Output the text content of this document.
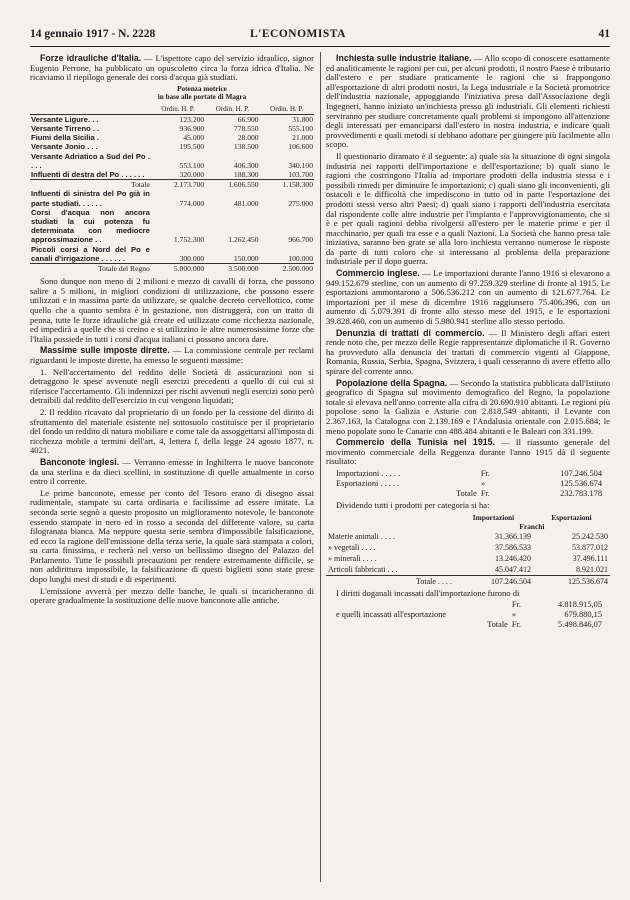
14 gennaio 1917 - N. 2228	L'ECONOMISTA	41

Forze idrauliche d'Italia. — L'ispettore capo del servizio idraulico, signor Eugenio Perrone, ha pubblicato un opuscoletto circa la forza idrica d'Italia. Ne ricaviamo il riepilogo generale dei corsi d'acqua già studiati.

Potenza motrice
in base alle portate di Magra
	Ordin. H. P.	Ordin. H. P.	Ordin. H. P.
Versante Ligure. . .	123.200	66.900	31.800
Versante Tirreno . .	936.900	778.550	555.100
Fiumi della Sicilia .	45.000	28.000	21.000
Versante Jonio . . .	195.500	138.500	106.600
Versante Adriatico a Sud del Po . . . .	553.100	406.300	340.100
Influenti di destra del Po . . . . . .	320.000	188.300	103.700
Totale	2.173.700	1.606.550	1.158.300
Influenti di sinistra del Po già in parte studiati. . . . . .	774.000	481.000	275.000
Corsi d'acqua non ancora studiati la cui potenza fu determinata con mediocre approssimazione . .	1.752.300	1.262.450	966.700
Piccoli corsi a Nord del Po e canali d'irrigazione . . . . . .	300.000	150.000	100.000
Totale del Regno	5.000.000	3.500.000	2.500.000

Sono dunque non meno di 2 milioni e mezzo di cavalli di forza, che possono salire a 5 milioni, in migliori condizioni di utilizzazione, che possono essere utilizzati e in massima parte da utilizzare, se qualche decreto cervellottico, come quello che a quanto sembra è in gestazione, non distruggerà, con un tratto di penna, tutte le forze idrauliche già create ed utilizzate come ricchezza nazionale, ed impedirà a quelle che si creino e si utilizzino le altre numerosissime forze che l'Italia possiede in tutti i corsi d'acqua italiani ci possono ancora dare.

Massime sulle imposte dirette. — La commissione centrale per reclami riguardanti le imposte dirette, ha emesso le seguenti massime:

1. Nell'accertamento del reddito delle Società di assicurazioni non si detraggono le spese avvenute negli esercizi precedenti a quello di cui cui si riferisce l'accertamento. Gli indennizzi per rischi avvenuti negli esercizi sono però detraibili dal reddito dell'esercizio in cui vengono liquidati;

2. Il reddito ricavato dal proprietario di un fondo per la cessione del diritto di sfruttamento del materiale esistente nel sottosuolo costituisce per il proprietario del fondo un reddito di natura mobiliare e come tale da assoggettarsi all'imposta di ricchezza mobile a termini dell'art. 4, lettera f, della legge 24 agosto 1877, n. 4021.

Banconote inglesi. — Verranno emesse in Inghilterra le nuove banconote da una sterlina e da dieci scellini, in sostituzione di quelle attualmente in corso entro il corrente.

Le prime banconote, emesse per conto del Tesoro erano di disegno assai rudimentale, stampate su carta ordinaria e facilissime ad essere imitate. La seconda serie segnò a questo proposito un miglioramento notevole, le banconote essendo stampate in nero ed in rosso a seconda del differente valore, su carta filogranata bianca. Ma neppure questa serie sembra d'impossibile falsificazione, ed ecco la ragione dell'emissione della terza serie, la quale sarà stampata a colori, su carta finissima, e recherà nel verso un bellissimo disegno del Palazzo del Parlamento. Tutte le possibili precauzioni per rendere estremamente difficile, se non addirittura impossibile, la falsificazione di questi biglietti sono state prese dopo lunghi mesi di studi e di esperimenti.

L'emissione avverrà per mezzo delle banche, le quali si incaricheranno di operare gradualmente la sostituzione delle nuove banconote alle antiche.

Inchiesta sulle industrie italiane. — Allo scopo di conoscere esattamente ed analiticamente le ragioni per cui, per alcuni prodotti, il nostro Paese è tributario dall'estero e per studiare praticamente le ragioni che si frappongono all'esportazione di altri prodotti nostri, la Lega industriale e la Società promotrice dell'industria nazionale, appoggiando l'iniziativa presa dall'Associazione degli Ingegneri, hanno iniziato un'inchiesta presso gli industriali. Gli elementi richiesti serviranno per studiare concretamente quali problemi si impongono all'attenzione degli interessati per emanciparsi dall'estero in nostra industria, e indicare quali provvedimenti e quali metodi si debbano adottare per giungere più facilmente allo scopo.

Il questionario diramato è il seguente: a) quale sia la situazione di ogni singola industria nei rapporti dell'importazione e dell'esportazione; b) quali siano le ragioni che costringono l'Italia ad importare prodotti della industria stessa e i possibili rimedi per diminuire le importazioni; c) quali siano gli inconvenienti, gli ostacoli e le difficoltà che impediscono in tutto od in parte l'esportazione dei prodotti stessi verso altri Paesi; d) quali siano i rapporti dell'industria esercitata dal rispondente colle altre industrie per l'impianto e l'approvvigionamento, che si è e per quali ragioni debba rivolgersi all'estero per le materie prime e per il macchinario, per quali tra esse e a quali Nazioni. La Società che hanno presa tale iniziativa, saranno ben grate se alla loro inchiesta verranno numerose le risposte da parte di tutti coloro che si interessano al problema della preparazione industriale per il dopo guerra.

Commercio inglese. — Le importazioni durante l'anno 1916 si elevarono a 949.152.679 sterline, con un aumento di 97.259.329 sterline di fronte al 1915. Le esportazioni ammontarono a 506.536.212 con un aumento di 121.677.764. Le importazioni per il mese di dicembre 1916 raggiunsero 75.406.396, con un aumento di 5.079.391 di fronte allo stesso mese del 1915, e le esportazioni 39.828.460, con un aumento di 5.980.941 sterline allo stesso periodo.

Denunzia di trattati di commercio. — Il Ministero degli affari esteri rende noto che, per mezzo delle Regie rappresentanze diplomatiche il R. Governo ha provveduto alla denuncia dei trattati di commercio vigenti al Giappone, Romania, Russia, Serbia, Spagna, Svizzera, i quali cesseranno di avere effetto allo spirare del corrente anno.

Popolazione della Spagna. — Secondo la statistica pubblicata dall'Istituto geografico di Spagna sul movimento demografico del Regno, la popolazione totale si elevava nell'anno corrente alla cifra di 20.690.910 abitanti. Le regioni più popolose sono la Galizia e Asturie con 2.818.549 abitanti, il Levante con 2.367.163, la Catalogna con 2.139.169 e l'Andalusia orientale con 2.015.684; le meno popolate sono le Canarie con 488.484 abitanti e le Baleari con 331.199.

Commercio della Tunisia nel 1915. — Il riassunto generale del movimento commerciale della Reggenza durante l'anno 1915 dà il seguente risultato:

Importazioni . . . . .	Fr.	107.246.504
Esportazioni . . . . .	»	125.536.674
Totale	Fr.	232.783.178

Dividendo tutti i prodotti per categoria si ha:

	Importazioni	Esportazioni
	Franchi	
Materie animali . . . .	31.366.139	25.242.530
» vegetali . . . .	37.586.533	53.877.012
» minerali . . . .	13.246.420	37.496.111
Articoli fabbricati . . .	45.047.412	8.921.021
Totale . . . .	107.246.504	125.536.674

I diritti doganali incassati dall'importazione furono di

	Fr.	4.818.915,05
e quelli incassati all'esportazione	»	679.880,15
Totale	Fr.	5.498.846,07
